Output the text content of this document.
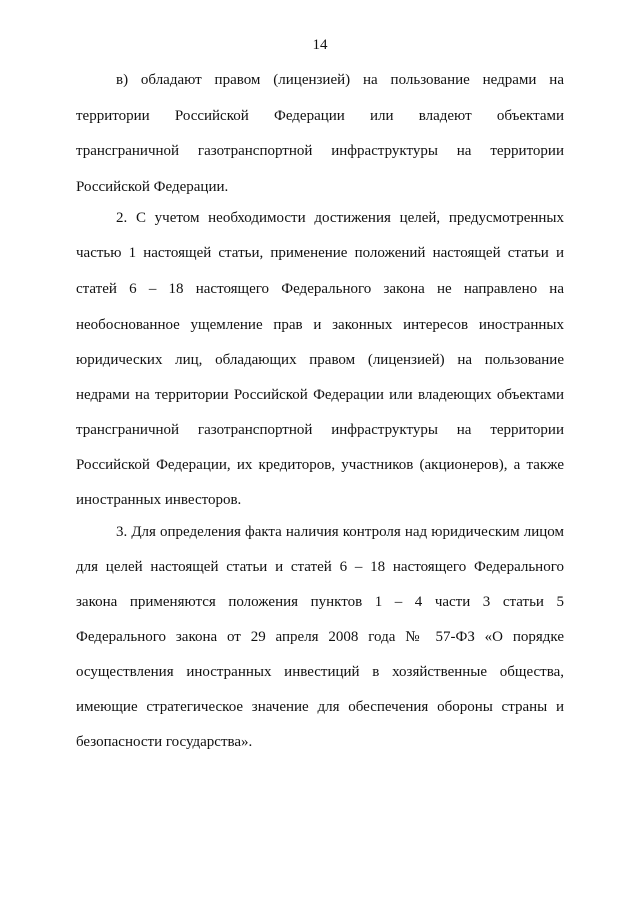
14
в) обладают правом (лицензией) на пользование недрами на
территории Российской Федерации или владеют объектами
трансграничной газотранспортной инфраструктуры на территории
Российской Федерации.
2. С учетом необходимости достижения целей, предусмотренных
частью 1 настоящей статьи, применение положений настоящей статьи и
статей 6 – 18 настоящего Федерального закона не направлено на
необоснованное ущемление прав и законных интересов иностранных
юридических лиц, обладающих правом (лицензией) на пользование
недрами на территории Российской Федерации или владеющих объектами
трансграничной газотранспортной инфраструктуры на территории
Российской Федерации, их кредиторов, участников (акционеров), а также
иностранных инвесторов.
3. Для определения факта наличия контроля над юридическим лицом
для целей настоящей статьи и статей 6 – 18 настоящего Федерального
закона применяются положения пунктов 1 – 4 части 3 статьи 5
Федерального закона от 29 апреля 2008 года № 57-ФЗ «О порядке
осуществления иностранных инвестиций в хозяйственные общества,
имеющие стратегическое значение для обеспечения обороны страны и
безопасности государства».
